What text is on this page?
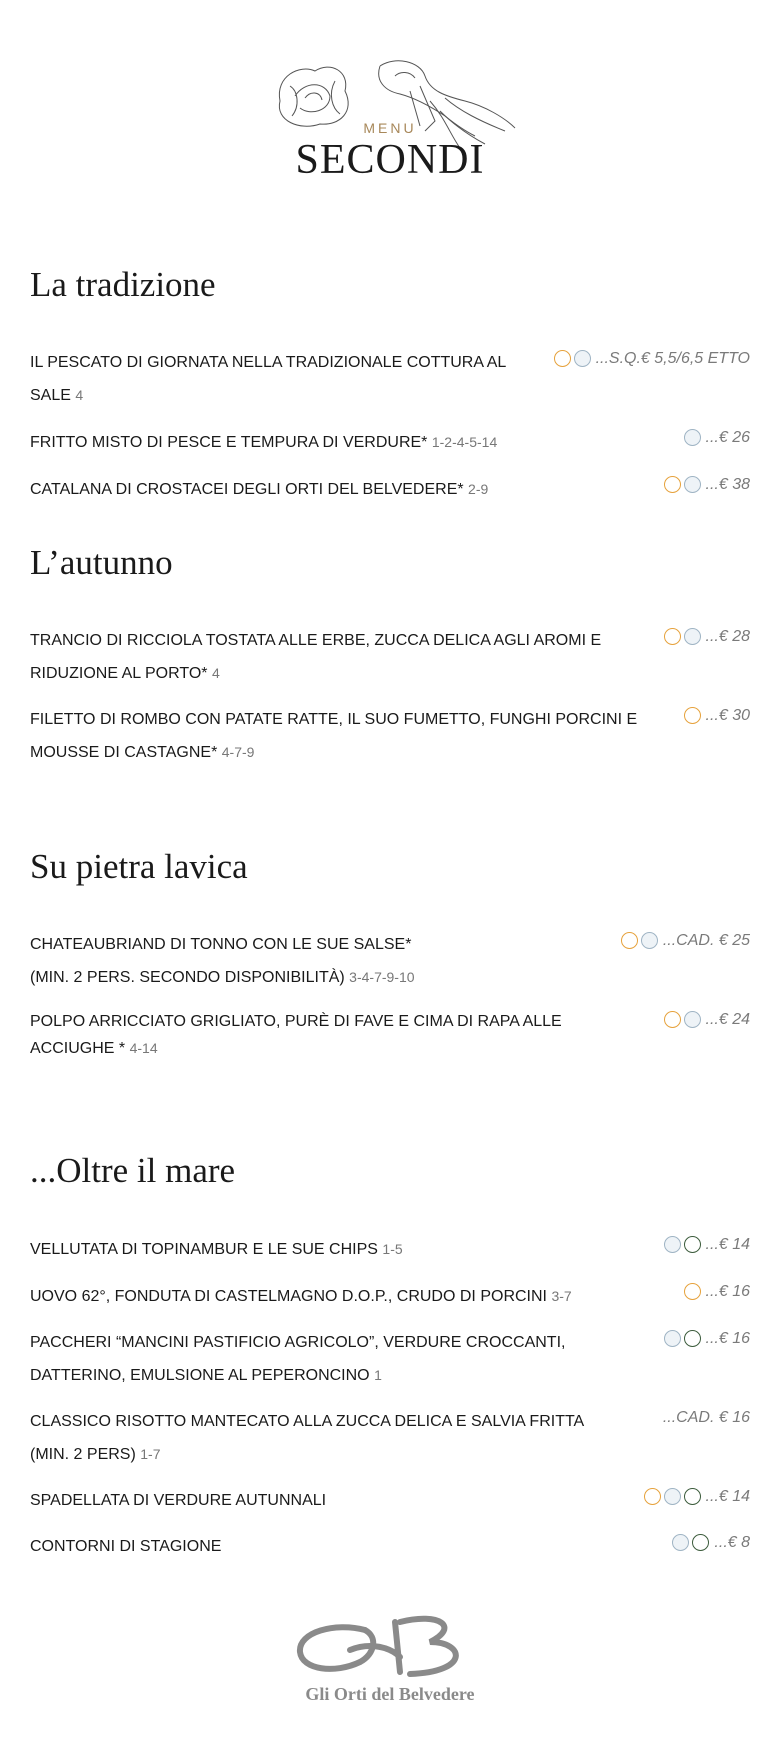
MENU
SECONDI
La tradizione
IL PESCATO DI GIORNATA NELLA TRADIZIONALE COTTURA AL SALE 4
...S.Q.€ 5,5/6,5 ETTO
FRITTO MISTO DI PESCE E TEMPURA DI VERDURE* 1-2-4-5-14	...€ 26
CATALANA DI CROSTACEI DEGLI ORTI DEL BELVEDERE* 2-9	...€ 38
L’autunno
TRANCIO DI RICCIOLA TOSTATA ALLE ERBE, ZUCCA DELICA AGLI AROMI E RIDUZIONE AL PORTO* 4
...€ 28
FILETTO DI ROMBO CON PATATE RATTE, IL SUO FUMETTO, FUNGHI PORCINI E MOUSSE DI CASTAGNE* 4-7-9
...€ 30
Su pietra lavica
CHATEAUBRIAND DI TONNO CON LE SUE SALSE* (MIN. 2 PERS. SECONDO DISPONIBILITÀ) 3-4-7-9-10
...CAD. € 25
POLPO ARRICCIATO GRIGLIATO, PURÈ DI FAVE E CIMA DI RAPA ALLE ACCIUGHE * 4-14
...€ 24
...Oltre il mare
VELLUTATA DI TOPINAMBUR E LE SUE CHIPS 1-5	...€ 14
UOVO 62°, FONDUTA DI CASTELMAGNO D.O.P., CRUDO DI PORCINI 3-7	...€ 16
PACCHERI “MANCINI PASTIFICIO AGRICOLO”, VERDURE CROCCANTI, DATTERINO, EMULSIONE AL PEPERONCINO 1
...€ 16
CLASSICO RISOTTO MANTECATO ALLA ZUCCA DELICA E SALVIA FRITTA (MIN. 2 PERS) 1-7
...CAD. € 16
SPADELLATA DI VERDURE AUTUNNALI	...€ 14
CONTORNI DI STAGIONE	...€ 8
Gli Orti del Belvedere
